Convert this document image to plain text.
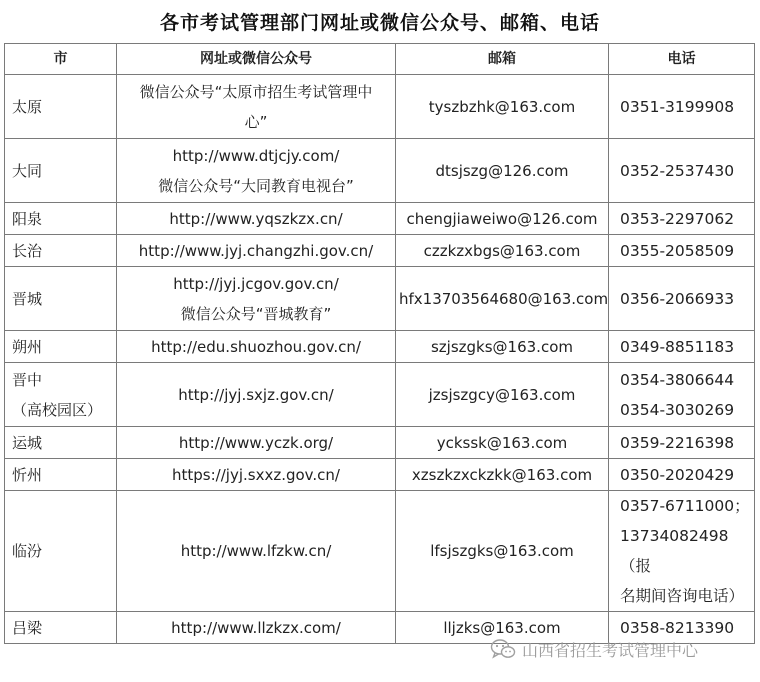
各市考试管理部门网址或微信公众号、邮箱、电话
市	网址或微信公众号	邮箱	电话

太原	微信公众号“太原市招生考试管理中
心”	tyszbzhk@163.com	0351-3199908

大同	http://www.dtjcjy.com/
微信公众号“大同教育电视台”	dtsjszg@126.com	0352-2537430

阳泉	http://www.yqszkzx.cn/	chengjiaweiwo@126.com	0353-2297062

长治	http://www.jyj.changzhi.gov.cn/	czzkzxbgs@163.com	0355-2058509

晋城	http://jyj.jcgov.gov.cn/
微信公众号“晋城教育”	hfx13703564680@163.com	0356-2066933

朔州	http://edu.shuozhou.gov.cn/	szjszgks@163.com	0349-8851183

晋中
（高校园区）	http://jyj.sxjz.gov.cn/	jzsjszgcy@163.com	0354-3806644
0354-3030269

运城	http://www.yczk.org/	yckssk@163.com	0359-2216398

忻州	https://jyj.sxxz.gov.cn/	xzszkzxckzkk@163.com	0350-2020429

临汾	http://www.lfzkw.cn/	lfsjszgks@163.com	0357-6711000；
13734082498 （报
名期间咨询电话）

吕梁	http://www.llzkzx.com/	lljzks@163.com	0358-8213390
山西省招生考试管理中心
